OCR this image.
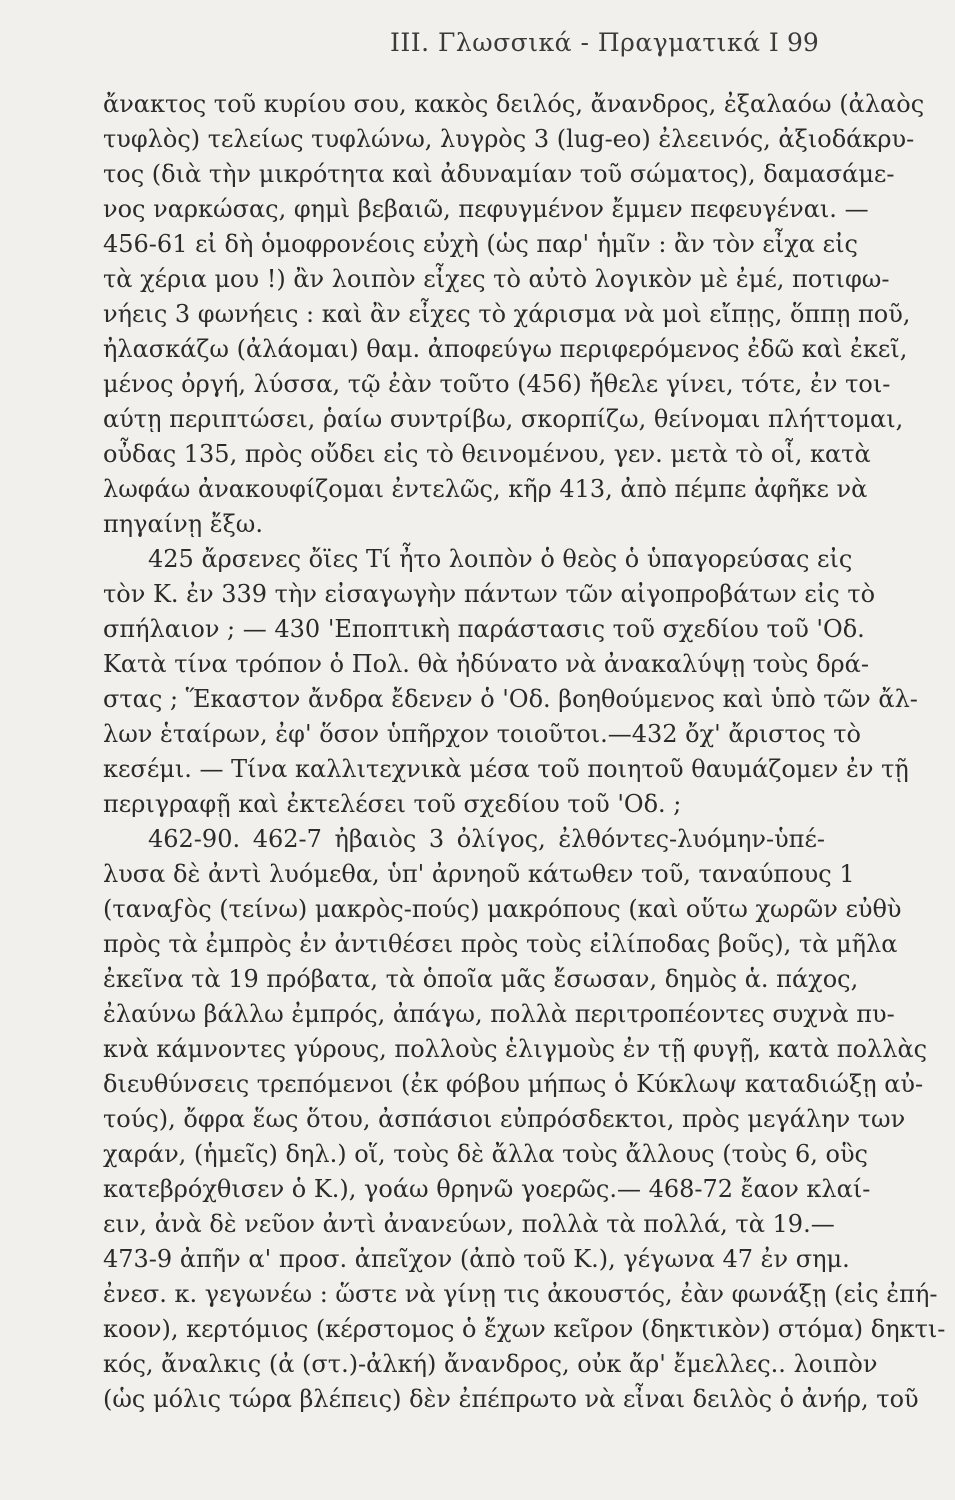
III. Γλωσσικά - Πραγματικά Ι 99
ἄνακτος τοῦ κυρίου σου, κακὸς δειλός, ἄνανδρος, ἐξαλαόω (ἀλαὸς
τυφλὸς) τελείως τυφλώνω, λυγρὸς 3 (lug-eo) ἐλεεινός, ἀξιοδάκρυ-
τος (διὰ τὴν μικρότητα καὶ ἀδυναμίαν τοῦ σώματος), δαμασάμε-
νος ναρκώσας, φημὶ βεβαιῶ, πεφυγμένον ἔμμεν πεφευγέναι. —
456-61 εἰ δὴ ὁμοφρονέοις εὐχὴ (ὡς παρ' ἡμῖν : ἂν τὸν εἶχα εἰς
τὰ χέρια μου !) ἂν λοιπὸν εἶχες τὸ αὐτὸ λογικὸν μὲ ἐμέ, ποτιφω-
νήεις 3 φωνήεις : καὶ ἂν εἶχες τὸ χάρισμα νὰ μοὶ εἴπῃς, ὅππῃ ποῦ,
ἠλασκάζω (ἀλάομαι) θαμ. ἀποφεύγω περιφερόμενος ἐδῶ καὶ ἐκεῖ,
μένος ὀργή, λύσσα, τῷ ἐὰν τοῦτο (456) ἤθελε γίνει, τότε, ἐν τοι-
αύτῃ περιπτώσει, ῥαίω συντρίβω, σκορπίζω, θείνομαι πλήττομαι,
οὖδας 135, πρὸς οὔδει εἰς τὸ θεινομένου, γεν. μετὰ τὸ οἷ, κατὰ
λωφάω ἀνακουφίζομαι ἐντελῶς, κῆρ 413, ἀπὸ πέμπε ἀφῆκε νὰ
πηγαίνῃ ἔξω.
425 ἄρσενες ὄϊες Τί ἦτο λοιπὸν ὁ θεὸς ὁ ὑπαγορεύσας εἰς
τὸν Κ. ἐν 339 τὴν εἰσαγωγὴν πάντων τῶν αἰγοπροβάτων εἰς τὸ
σπήλαιον ; — 430 'Εποπτικὴ παράστασις τοῦ σχεδίου τοῦ 'Οδ.
Κατὰ τίνα τρόπον ὁ Πολ. θὰ ἠδύνατο νὰ ἀνακαλύψῃ τοὺς δρά-
στας ; Ἕκαστον ἄνδρα ἔδενεν ὁ 'Οδ. βοηθούμενος καὶ ὑπὸ τῶν ἄλ-
λων ἑταίρων, ἐφ' ὅσον ὑπῆρχον τοιοῦτοι.—432 ὄχ' ἄριστος τὸ
κεσέμι. — Τίνα καλλιτεχνικὰ μέσα τοῦ ποιητοῦ θαυμάζομεν ἐν τῇ
περιγραφῇ καὶ ἐκτελέσει τοῦ σχεδίου τοῦ 'Οδ. ;
462-90. 462-7 ἠβαιὸς 3 ὀλίγος, ἐλθόντες-λυόμην-ὑπέ-
λυσα δὲ ἀντὶ λυόμεθα, ὑπ' ἀρνηοῦ κάτωθεν τοῦ, ταναύπους 1
(ταναϝὸς (τείνω) μακρὸς-πούς) μακρόπους (καὶ οὕτω χωρῶν εὐθὺ
πρὸς τὰ ἐμπρὸς ἐν ἀντιθέσει πρὸς τοὺς εἰλίποδας βοῦς), τὰ μῆλα
ἐκεῖνα τὰ 19 πρόβατα, τὰ ὁποῖα μᾶς ἔσωσαν, δημὸς ἁ. πάχος,
ἐλαύνω βάλλω ἐμπρός, ἀπάγω, πολλὰ περιτροπέοντες συχνὰ πυ-
κνὰ κάμνοντες γύρους, πολλοὺς ἑλιγμοὺς ἐν τῇ φυγῇ, κατὰ πολλὰς
διευθύνσεις τρεπόμενοι (ἐκ φόβου μήπως ὁ Κύκλωψ καταδιώξῃ αὐ-
τούς), ὄφρα ἕως ὅτου, ἀσπάσιοι εὐπρόσδεκτοι, πρὸς μεγάλην των
χαράν, (ἡμεῖς) δηλ.) οἵ, τοὺς δὲ ἄλλα τοὺς ἄλλους (τοὺς 6, οὓς
κατεβρόχθισεν ὁ Κ.), γοάω θρηνῶ γοερῶς.— 468-72 ἔαον κλαί-
ειν, ἀνὰ δὲ νεῦον ἀντὶ ἀνανεύων, πολλὰ τὰ πολλά, τὰ 19.—
473-9 ἀπῆν α' προσ. ἀπεῖχον (ἀπὸ τοῦ Κ.), γέγωνα 47 ἐν σημ.
ἐνεσ. κ. γεγωνέω : ὥστε νὰ γίνῃ τις ἀκουστός, ἐὰν φωνάξῃ (εἰς ἐπή-
κοον), κερτόμιος (κέρστομος ὁ ἔχων κεῖρον (δηκτικὸν) στόμα) δηκτι-
κός, ἄναλκις (ἀ (στ.)-ἀλκή) ἄνανδρος, οὐκ ἄρ' ἔμελλες.. λοιπὸν
(ὡς μόλις τώρα βλέπεις) δὲν ἐπέπρωτο νὰ εἶναι δειλὸς ὁ ἀνήρ, τοῦ
